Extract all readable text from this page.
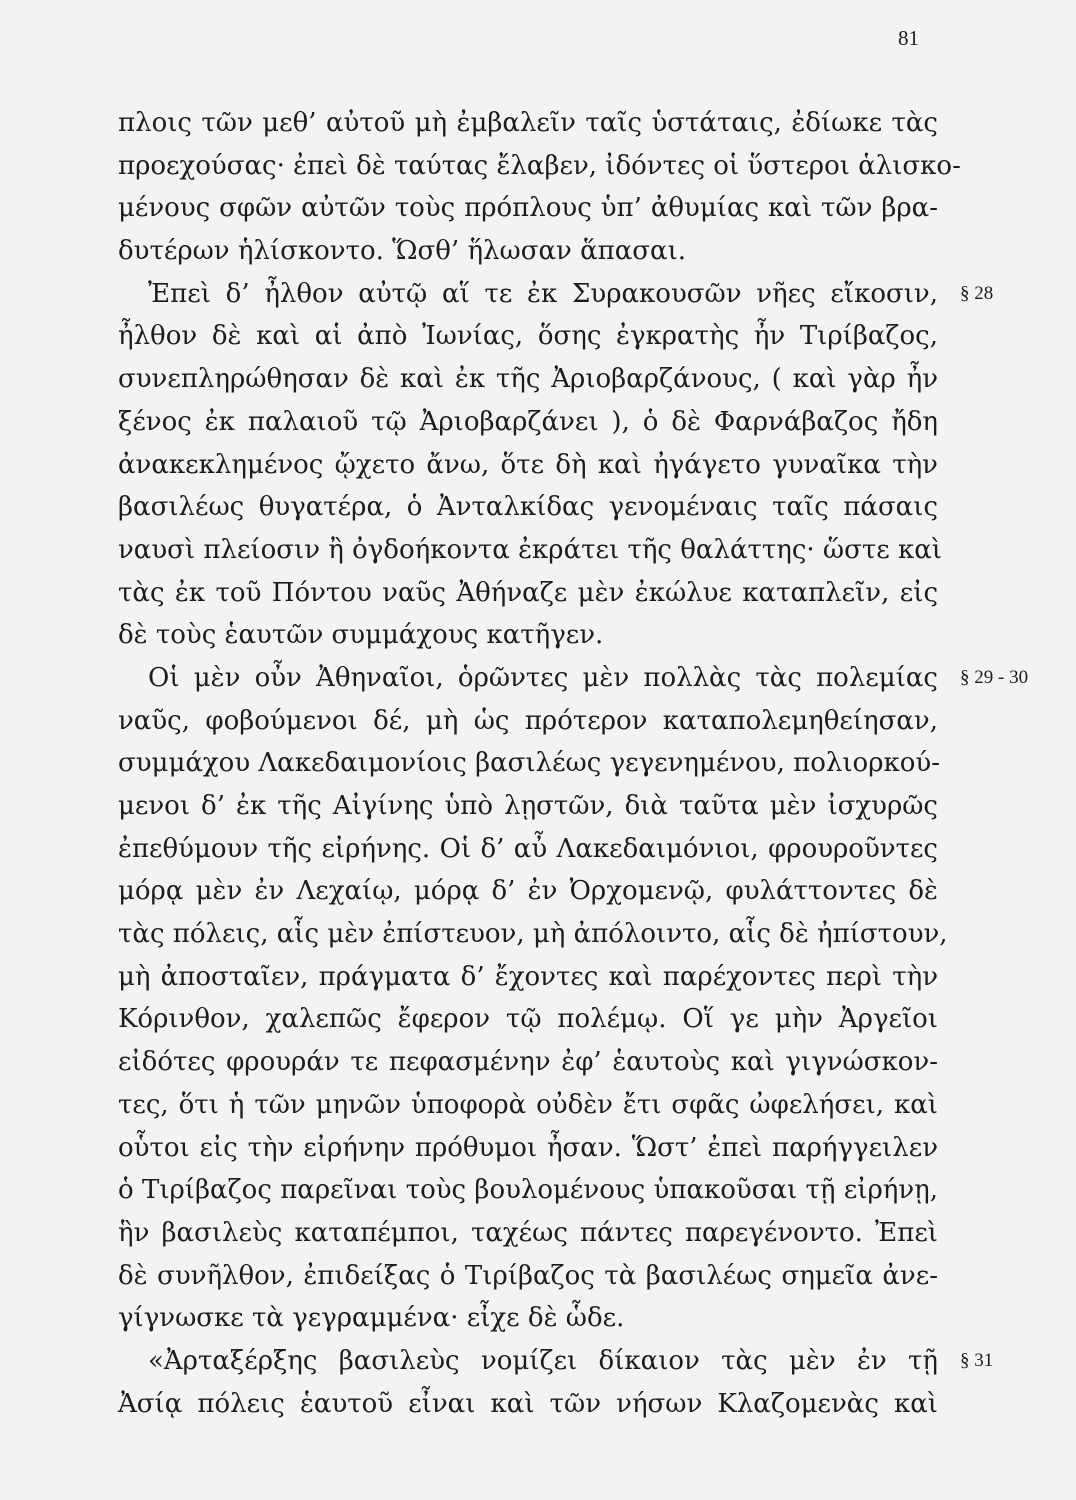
81
πλοις τῶν μεθ’ αὐτοῦ μὴ ἐμβαλεῖν ταῖς ὑστάταις, ἐδίωκε τὰς
προεχούσας· ἐπεὶ δὲ ταύτας ἔλαβεν, ἰδόντες οἱ ὕστεροι ἁλισκο-
μένους σφῶν αὐτῶν τοὺς πρόπλους ὑπ’ ἀθυμίας καὶ τῶν βρα-
δυτέρων ἡλίσκοντο. Ὥσθ’ ἥλωσαν ἅπασαι.
Ἐπεὶ δ’ ἦλθον αὐτῷ αἵ τε ἐκ Συρακουσῶν νῆες εἴκοσιν, § 28
ἦλθον δὲ καὶ αἱ ἀπὸ Ἰωνίας, ὅσης ἐγκρατὴς ἦν Τιρίβαζος,
συνεπληρώθησαν δὲ καὶ ἐκ τῆς Ἀριοβαρζάνους, ( καὶ γὰρ ἦν
ξένος ἐκ παλαιοῦ τῷ Ἀριοβαρζάνει ), ὁ δὲ Φαρνάβαζος ἤδη
ἀνακεκλημένος ᾤχετο ἄνω, ὅτε δὴ καὶ ἠγάγετο γυναῖκα τὴν
βασιλέως θυγατέρα, ὁ Ἀνταλκίδας γενομέναις ταῖς πάσαις
ναυσὶ πλείοσιν ἢ ὀγδοήκοντα ἐκράτει τῆς θαλάττης· ὥστε καὶ
τὰς ἐκ τοῦ Πόντου ναῦς Ἀθήναζε μὲν ἐκώλυε καταπλεῖν, εἰς
δὲ τοὺς ἑαυτῶν συμμάχους κατῆγεν.
Οἱ μὲν οὖν Ἀθηναῖοι, ὁρῶντες μὲν πολλὰς τὰς πολεμίας § 29 - 30
ναῦς, φοβούμενοι δέ, μὴ ὡς πρότερον καταπολεμηθείησαν,
συμμάχου Λακεδαιμονίοις βασιλέως γεγενημένου, πολιορκού-
μενοι δ’ ἐκ τῆς Αἰγίνης ὑπὸ λῃστῶν, διὰ ταῦτα μὲν ἰσχυρῶς
ἐπεθύμουν τῆς εἰρήνης. Οἱ δ’ αὖ Λακεδαιμόνιοι, φρουροῦντες
μόρᾳ μὲν ἐν Λεχαίῳ, μόρᾳ δ’ ἐν Ὀρχομενῷ, φυλάττοντες δὲ
τὰς πόλεις, αἷς μὲν ἐπίστευον, μὴ ἀπόλοιντο, αἷς δὲ ἠπίστουν,
μὴ ἀποσταῖεν, πράγματα δ’ ἔχοντες καὶ παρέχοντες περὶ τὴν
Κόρινθον, χαλεπῶς ἔφερον τῷ πολέμῳ. Οἵ γε μὴν Ἀργεῖοι
εἰδότες φρουράν τε πεφασμένην ἐφ’ ἑαυτοὺς καὶ γιγνώσκον-
τες, ὅτι ἡ τῶν μηνῶν ὑποφορὰ οὐδὲν ἔτι σφᾶς ὠφελήσει, καὶ
οὗτοι εἰς τὴν εἰρήνην πρόθυμοι ἦσαν. Ὥστ’ ἐπεὶ παρήγγειλεν
ὁ Τιρίβαζος παρεῖναι τοὺς βουλομένους ὑπακοῦσαι τῇ εἰρήνῃ,
ἣν βασιλεὺς καταπέμποι, ταχέως πάντες παρεγένοντο. Ἐπεὶ
δὲ συνῆλθον, ἐπιδείξας ὁ Τιρίβαζος τὰ βασιλέως σημεῖα ἀνε-
γίγνωσκε τὰ γεγραμμένα· εἶχε δὲ ὧδε.
«Ἀρταξέρξης βασιλεὺς νομίζει δίκαιον τὰς μὲν ἐν τῇ § 31
Ἀσίᾳ πόλεις ἑαυτοῦ εἶναι καὶ τῶν νήσων Κλαζομενὰς καὶ
